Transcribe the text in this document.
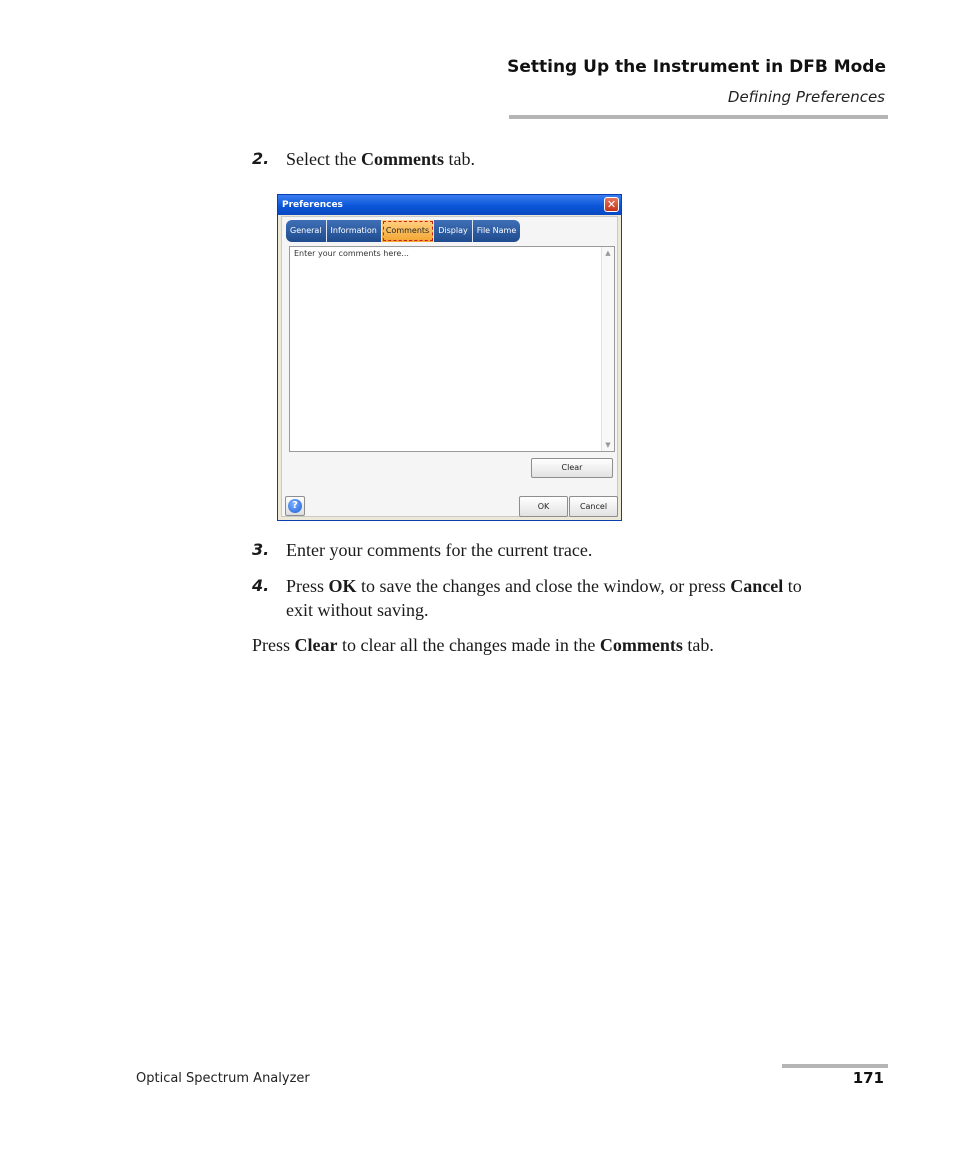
Setting Up the Instrument in DFB Mode
Defining Preferences
2. Select the Comments tab.
Preferences	✕
General	Information	Comments	Display	File Name
Enter your comments here...	▲
▼
Clear
?	OK	Cancel
3. Enter your comments for the current trace.
4. Press OK to save the changes and close the window, or press Cancel to
exit without saving.
Press Clear to clear all the changes made in the Comments tab.
Optical Spectrum Analyzer	171
